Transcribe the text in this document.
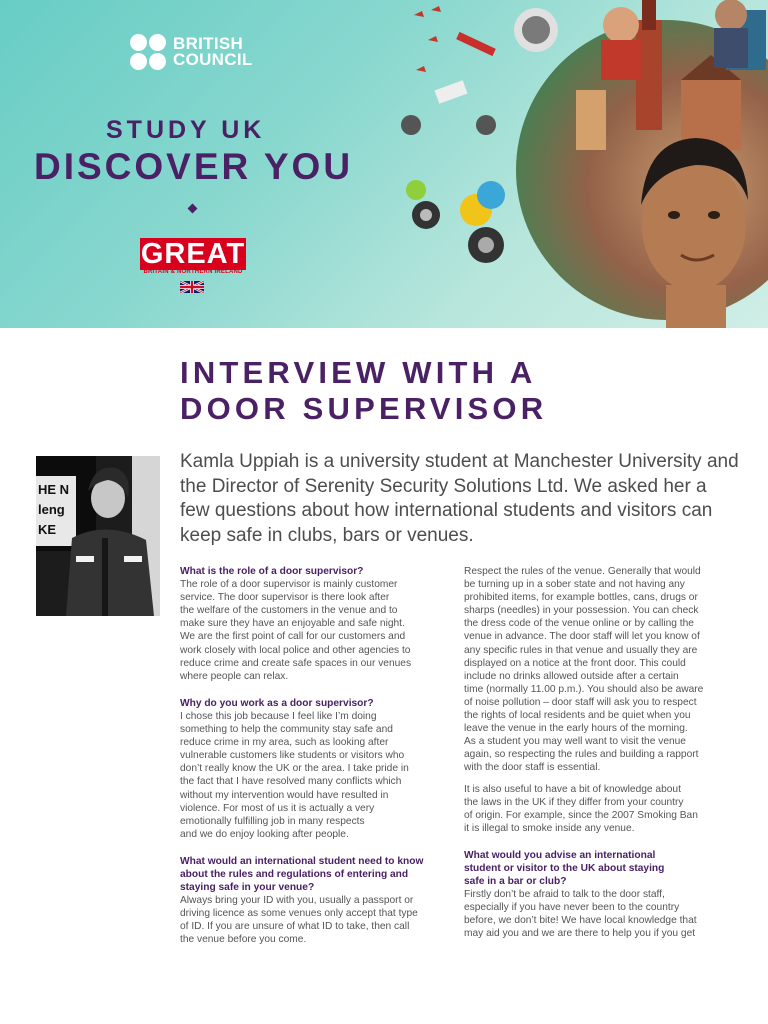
BRITISH
COUNCIL
STUDY UK
DISCOVER YOU
GREAT
BRITAIN & NORTHERN IRELAND
INTERVIEW WITH A
DOOR SUPERVISOR
HE N
leng
KE

Kamla Uppiah is a university student at Manchester University and the Director of Serenity Security Solutions Ltd. We asked her a few questions about how international students and visitors can keep safe in clubs, bars or venues.

What is the role of a door supervisor?

The role of a door supervisor is mainly customer
service. The door supervisor is there look after
the welfare of the customers in the venue and to
make sure they have an enjoyable and safe night.
We are the first point of call for our customers and
work closely with local police and other agencies to
reduce crime and create safe spaces in our venues
where people can relax.

Why do you work as a door supervisor?

I chose this job because I feel like I’m doing
something to help the community stay safe and
reduce crime in my area, such as looking after
vulnerable customers like students or visitors who
don’t really know the UK or the area. I take pride in
the fact that I have resolved many conflicts which
without my intervention would have resulted in
violence. For most of us it is actually a very
emotionally fulfilling job in many respects
and we do enjoy looking after people.

What would an international student need to know
about the rules and regulations of entering and
staying safe in your venue?

Always bring your ID with you, usually a passport or
driving licence as some venues only accept that type
of ID. If you are unsure of what ID to take, then call
the venue before you come.

Respect the rules of the venue. Generally that would
be turning up in a sober state and not having any
prohibited items, for example bottles, cans, drugs or
sharps (needles) in your possession. You can check
the dress code of the venue online or by calling the
venue in advance. The door staff will let you know of
any specific rules in that venue and usually they are
displayed on a notice at the front door. This could
include no drinks allowed outside after a certain
time (normally 11.00 p.m.). You should also be aware
of noise pollution – door staff will ask you to respect
the rights of local residents and be quiet when you
leave the venue in the early hours of the morning.
As a student you may well want to visit the venue
again, so respecting the rules and building a rapport
with the door staff is essential.

It is also useful to have a bit of knowledge about
the laws in the UK if they differ from your country
of origin. For example, since the 2007 Smoking Ban
it is illegal to smoke inside any venue.

What would you advise an international
student or visitor to the UK about staying
safe in a bar or club?

Firstly don’t be afraid to talk to the door staff,
especially if you have never been to the country
before, we don’t bite! We have local knowledge that
may aid you and we are there to help you if you get
